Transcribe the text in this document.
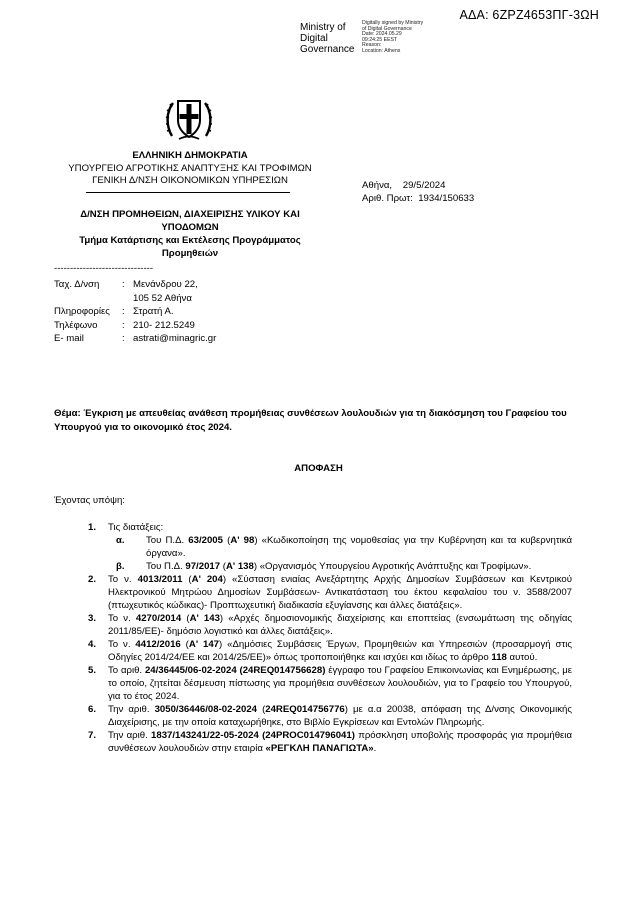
ΑΔΑ: 6ΖΡΖ4653ΠΓ-3ΩΗ
Ministry of
Digital
Governance
Digitally signed by Ministry
of Digital Governance
Date: 2024.05.29
09:24:25 EEST
Reason:
Location: Athens
ΕΛΛΗΝΙΚΗ ΔΗΜΟΚΡΑΤΙΑ
ΥΠΟΥΡΓΕΙΟ ΑΓΡΟΤΙΚΗΣ ΑΝΑΠΤΥΞΗΣ ΚΑΙ ΤΡΟΦΙΜΩΝ
ΓΕΝΙΚΗ Δ/ΝΣΗ ΟΙΚΟΝΟΜΙΚΩΝ ΥΠΗΡΕΣΙΩΝ	Αθήνα, 29/5/2024
Αριθ. Πρωτ: 1934/150633
Δ/ΝΣΗ ΠΡΟΜΗΘΕΙΩΝ, ΔΙΑΧΕΙΡΙΣΗΣ ΥΛΙΚΟΥ ΚΑΙ
ΥΠΟΔΟΜΩΝ
Τμήμα Κατάρτισης και Εκτέλεσης Προγράμματος
Προμηθειών
-------------------------------
Ταχ. Δ/νση	: Μενάνδρου 22,
105 52 Αθήνα
Πληροφορίες	: Στρατή Α.
Τηλέφωνο	: 210- 212.5249
E- mail	: astrati@minagric.gr
Θέμα: Έγκριση με απευθείας ανάθεση προμήθειας συνθέσεων λουλουδιών για τη διακόσμηση του Γραφείου του Υπουργού για το οικονομικό έτος 2024.
ΑΠΟΦΑΣΗ
Έχοντας υπόψη:
1.	Τις διατάξεις:
α.	Του Π.Δ. 63/2005 (Α' 98) «Κωδικοποίηση της νομοθεσίας για την Κυβέρνηση και τα κυβερνητικά όργανα».
β.	Του Π.Δ. 97/2017 (Α' 138) «Οργανισμός Υπουργείου Αγροτικής Ανάπτυξης και Τροφίμων».
2.	Το ν. 4013/2011 (Α' 204) «Σύσταση ενιαίας Ανεξάρτητης Αρχής Δημοσίων Συμβάσεων και Κεντρικού Ηλεκτρονικού Μητρώου Δημοσίων Συμβάσεων- Αντικατάσταση του έκτου κεφαλαίου του ν. 3588/2007 (πτωχευτικός κώδικας)- Προπτωχευτική διαδικασία εξυγίανσης και άλλες διατάξεις».
3.	Το ν. 4270/2014 (Α' 143) «Αρχές δημοσιονομικής διαχείρισης και εποπτείας (ενσωμάτωση της οδηγίας 2011/85/ΕΕ)- δημόσιο λογιστικό και άλλες διατάξεις».
4.	Το ν. 4412/2016 (Α' 147) «Δημόσιες Συμβάσεις Έργων, Προμηθειών και Υπηρεσιών (προσαρμογή στις Οδηγίες 2014/24/ΕΕ και 2014/25/ΕΕ)» όπως τροποποιήθηκε και ισχύει και ιδίως το άρθρο 118 αυτού.
5.	Το αριθ. 24/36445/06-02-2024 (24REQ014756628) έγγραφο του Γραφείου Επικοινωνίας και Ενημέρωσης, με το οποίο, ζητείται δέσμευση πίστωσης για προμήθεια συνθέσεων λουλουδιών, για το Γραφείο του Υπουργού, για το έτος 2024.
6.	Την αριθ. 3050/36446/08-02-2024 (24REQ014756776) με α.α 20038, απόφαση της Δ/νσης Οικονομικής Διαχείρισης, με την οποία καταχωρήθηκε, στο Βιβλίο Εγκρίσεων και Εντολών Πληρωμής.
7.	Την αριθ. 1837/143241/22-05-2024 (24PROC014796041) πρόσκληση υποβολής προσφοράς για προμήθεια συνθέσεων λουλουδιών στην εταιρία «ΡΕΓΚΛΗ ΠΑΝΑΓΙΩΤΑ».
